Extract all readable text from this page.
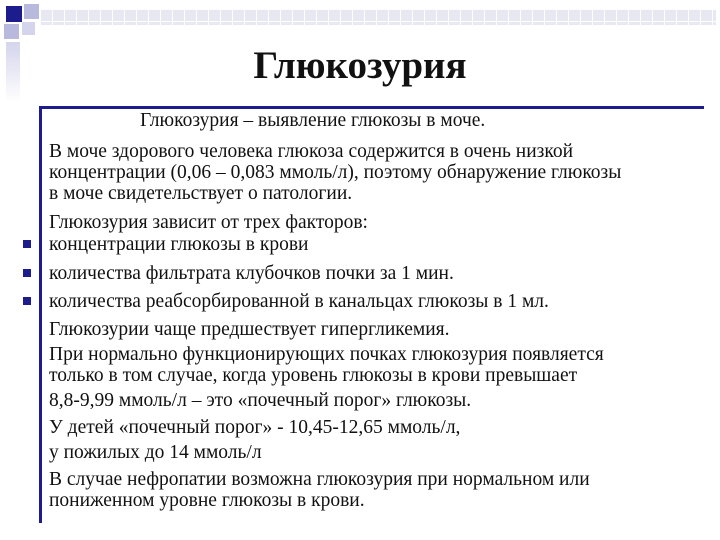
Глюкозурия
Глюкозурия – выявление глюкозы в моче.
В моче здорового человека глюкоза содержится в очень низкой
концентрации (0,06 – 0,083 ммоль/л), поэтому обнаружение глюкозы
в моче свидетельствует о патологии.
Глюкозурия зависит от трех факторов:
концентрации глюкозы в крови
количества фильтрата клубочков почки за 1 мин.
количества реабсорбированной в канальцах глюкозы в 1 мл.
Глюкозурии чаще предшествует гипергликемия.
При нормально функционирующих почках глюкозурия появляется
только в том случае, когда уровень глюкозы в крови превышает
8,8-9,99 ммоль/л – это «почечный порог» глюкозы.
У детей «почечный порог» - 10,45-12,65 ммоль/л,
у пожилых до 14 ммоль/л
В случае нефропатии возможна глюкозурия при нормальном или
пониженном уровне глюкозы в крови.
